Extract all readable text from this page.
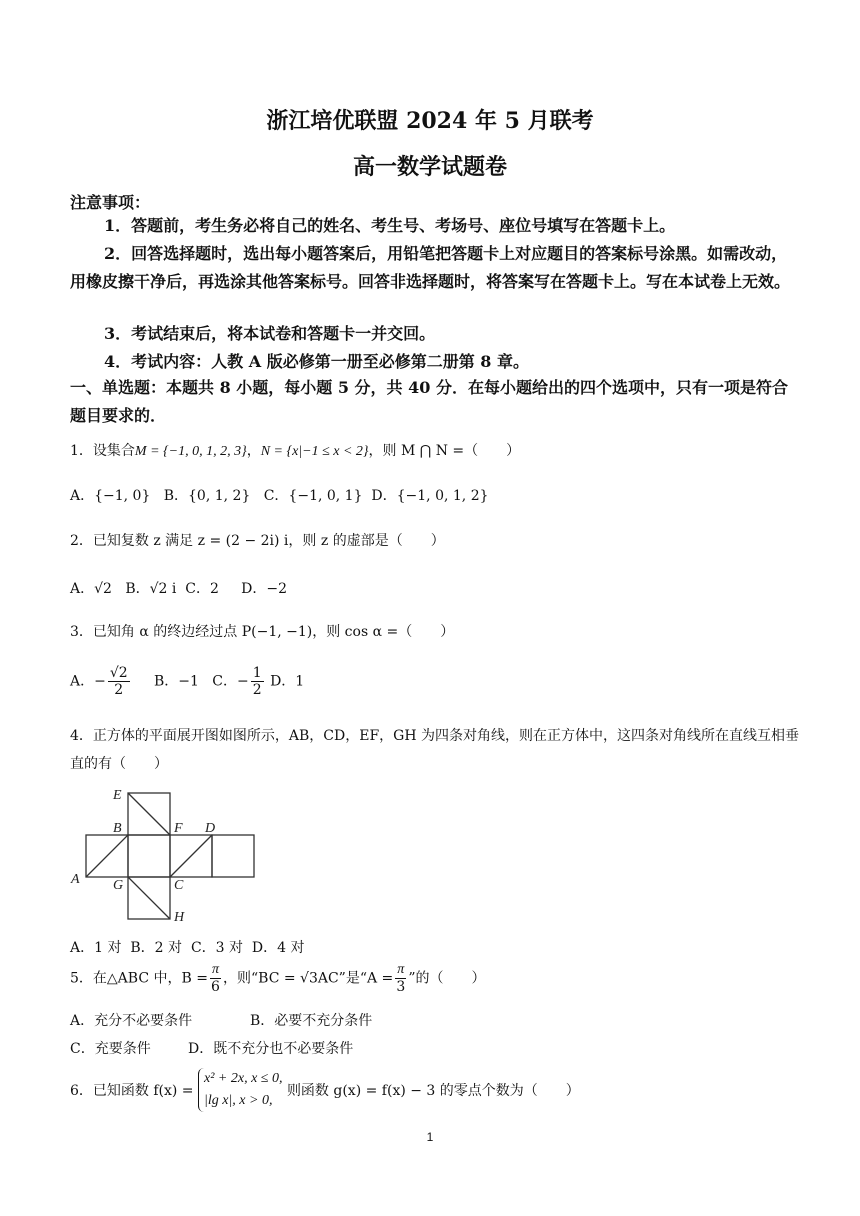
浙江培优联盟 2024 年 5 月联考
高一数学试题卷
注意事项：
1．答题前，考生务必将自己的姓名、考生号、考场号、座位号填写在答题卡上。
2．回答选择题时，选出每小题答案后，用铅笔把答题卡上对应题目的答案标号涂黑。如需改动，用橡皮擦干净后，再选涂其他答案标号。回答非选择题时，将答案写在答题卡上。写在本试卷上无效。
3．考试结束后，将本试卷和答题卡一并交回。
4．考试内容：人教 A 版必修第一册至必修第二册第 8 章。
一、单选题：本题共 8 小题，每小题 5 分，共 40 分．在每小题给出的四个选项中，只有一项是符合题目要求的．
1．设集合M = {−1, 0, 1, 2, 3}，N = {x|−1 ≤ x < 2}，则 M ⋂ N =（　　）
A．{−1, 0} B．{0, 1, 2} C．{−1, 0, 1} D．{−1, 0, 1, 2}
2．已知复数 z 满足 z = (2 − 2i) i，则 z 的虚部是（　　）
A．√2 B．√2 i C．2 D．−2
3．已知角 α 的终边经过点 P(−1, −1)，则 cos α =（　　）
A．− $\frac{√2}{2}$ B．−1 C．− $\frac{1}{2}$ D．1
4．正方体的平面展开图如图所示，AB，CD，EF，GH 为四条对角线，则在正方体中，这四条对角线所在直线互相垂直的有（　　）
E
B	F D
A G	C
H
A．1 对 B．2 对 C．3 对 D．4 对
5．在△ABC 中，$B = \frac{\pi}{6}$ ，则“BC = √3AC”是“$A = \frac{\pi}{3}$ ”的（　　）
A．充分不必要条件	B．必要不充分条件
C．充要条件	D．既不充分也不必要条件
6．已知函数 f(x) =
x² + 2x, x ≤ 0,
|lg x|, x > 0,
则函数 g(x) = f(x) − 3 的零点个数为（　　）
1
